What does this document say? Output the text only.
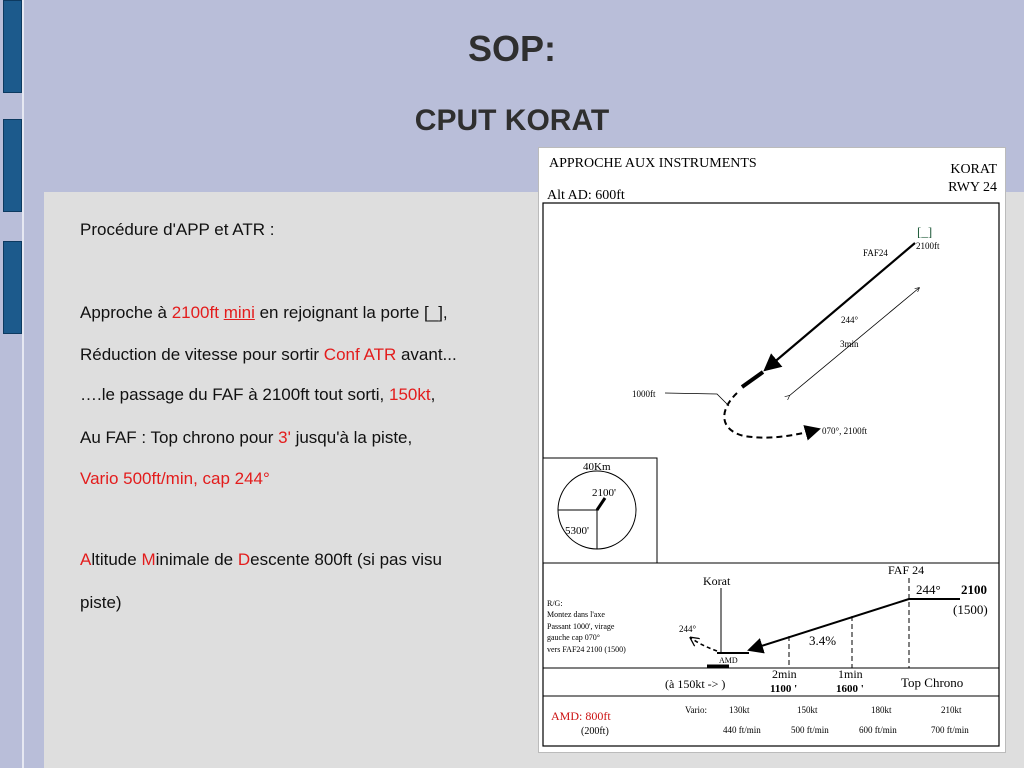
SOP:
CPUT KORAT
Procédure d'APP et ATR :
Approche à 2100ft mini en rejoignant la porte [_],
Réduction de vitesse pour sortir Conf ATR avant...
….le passage du FAF à 2100ft tout sorti, 150kt,
Au FAF : Top chrono pour 3' jusqu'à la piste,
Vario 500ft/min, cap 244°
Altitude Minimale de Descente 800ft (si pas visu
piste)
APPROCHE AUX INSTRUMENTS
Alt AD: 600ft
KORAT
RWY 24
[_]
2100ft
FAF24
244°
3min
1000ft
070°, 2100ft
40Km
2100'
5300'
FAF 24
244° 2100
(1500)
3.4%
Korat
AMD
244°
R/G:
Montez dans l'axe
Passant 1000', virage
gauche cap 070°
vers FAF24 2100 (1500)
2min
1100 '
1min
1600 '
(à 150kt -> )	Top Chrono
AMD: 800ft
(200ft)
Vario: 130kt	150kt	180kt	210kt
440 ft/min	500 ft/min	600 ft/min	700 ft/min
